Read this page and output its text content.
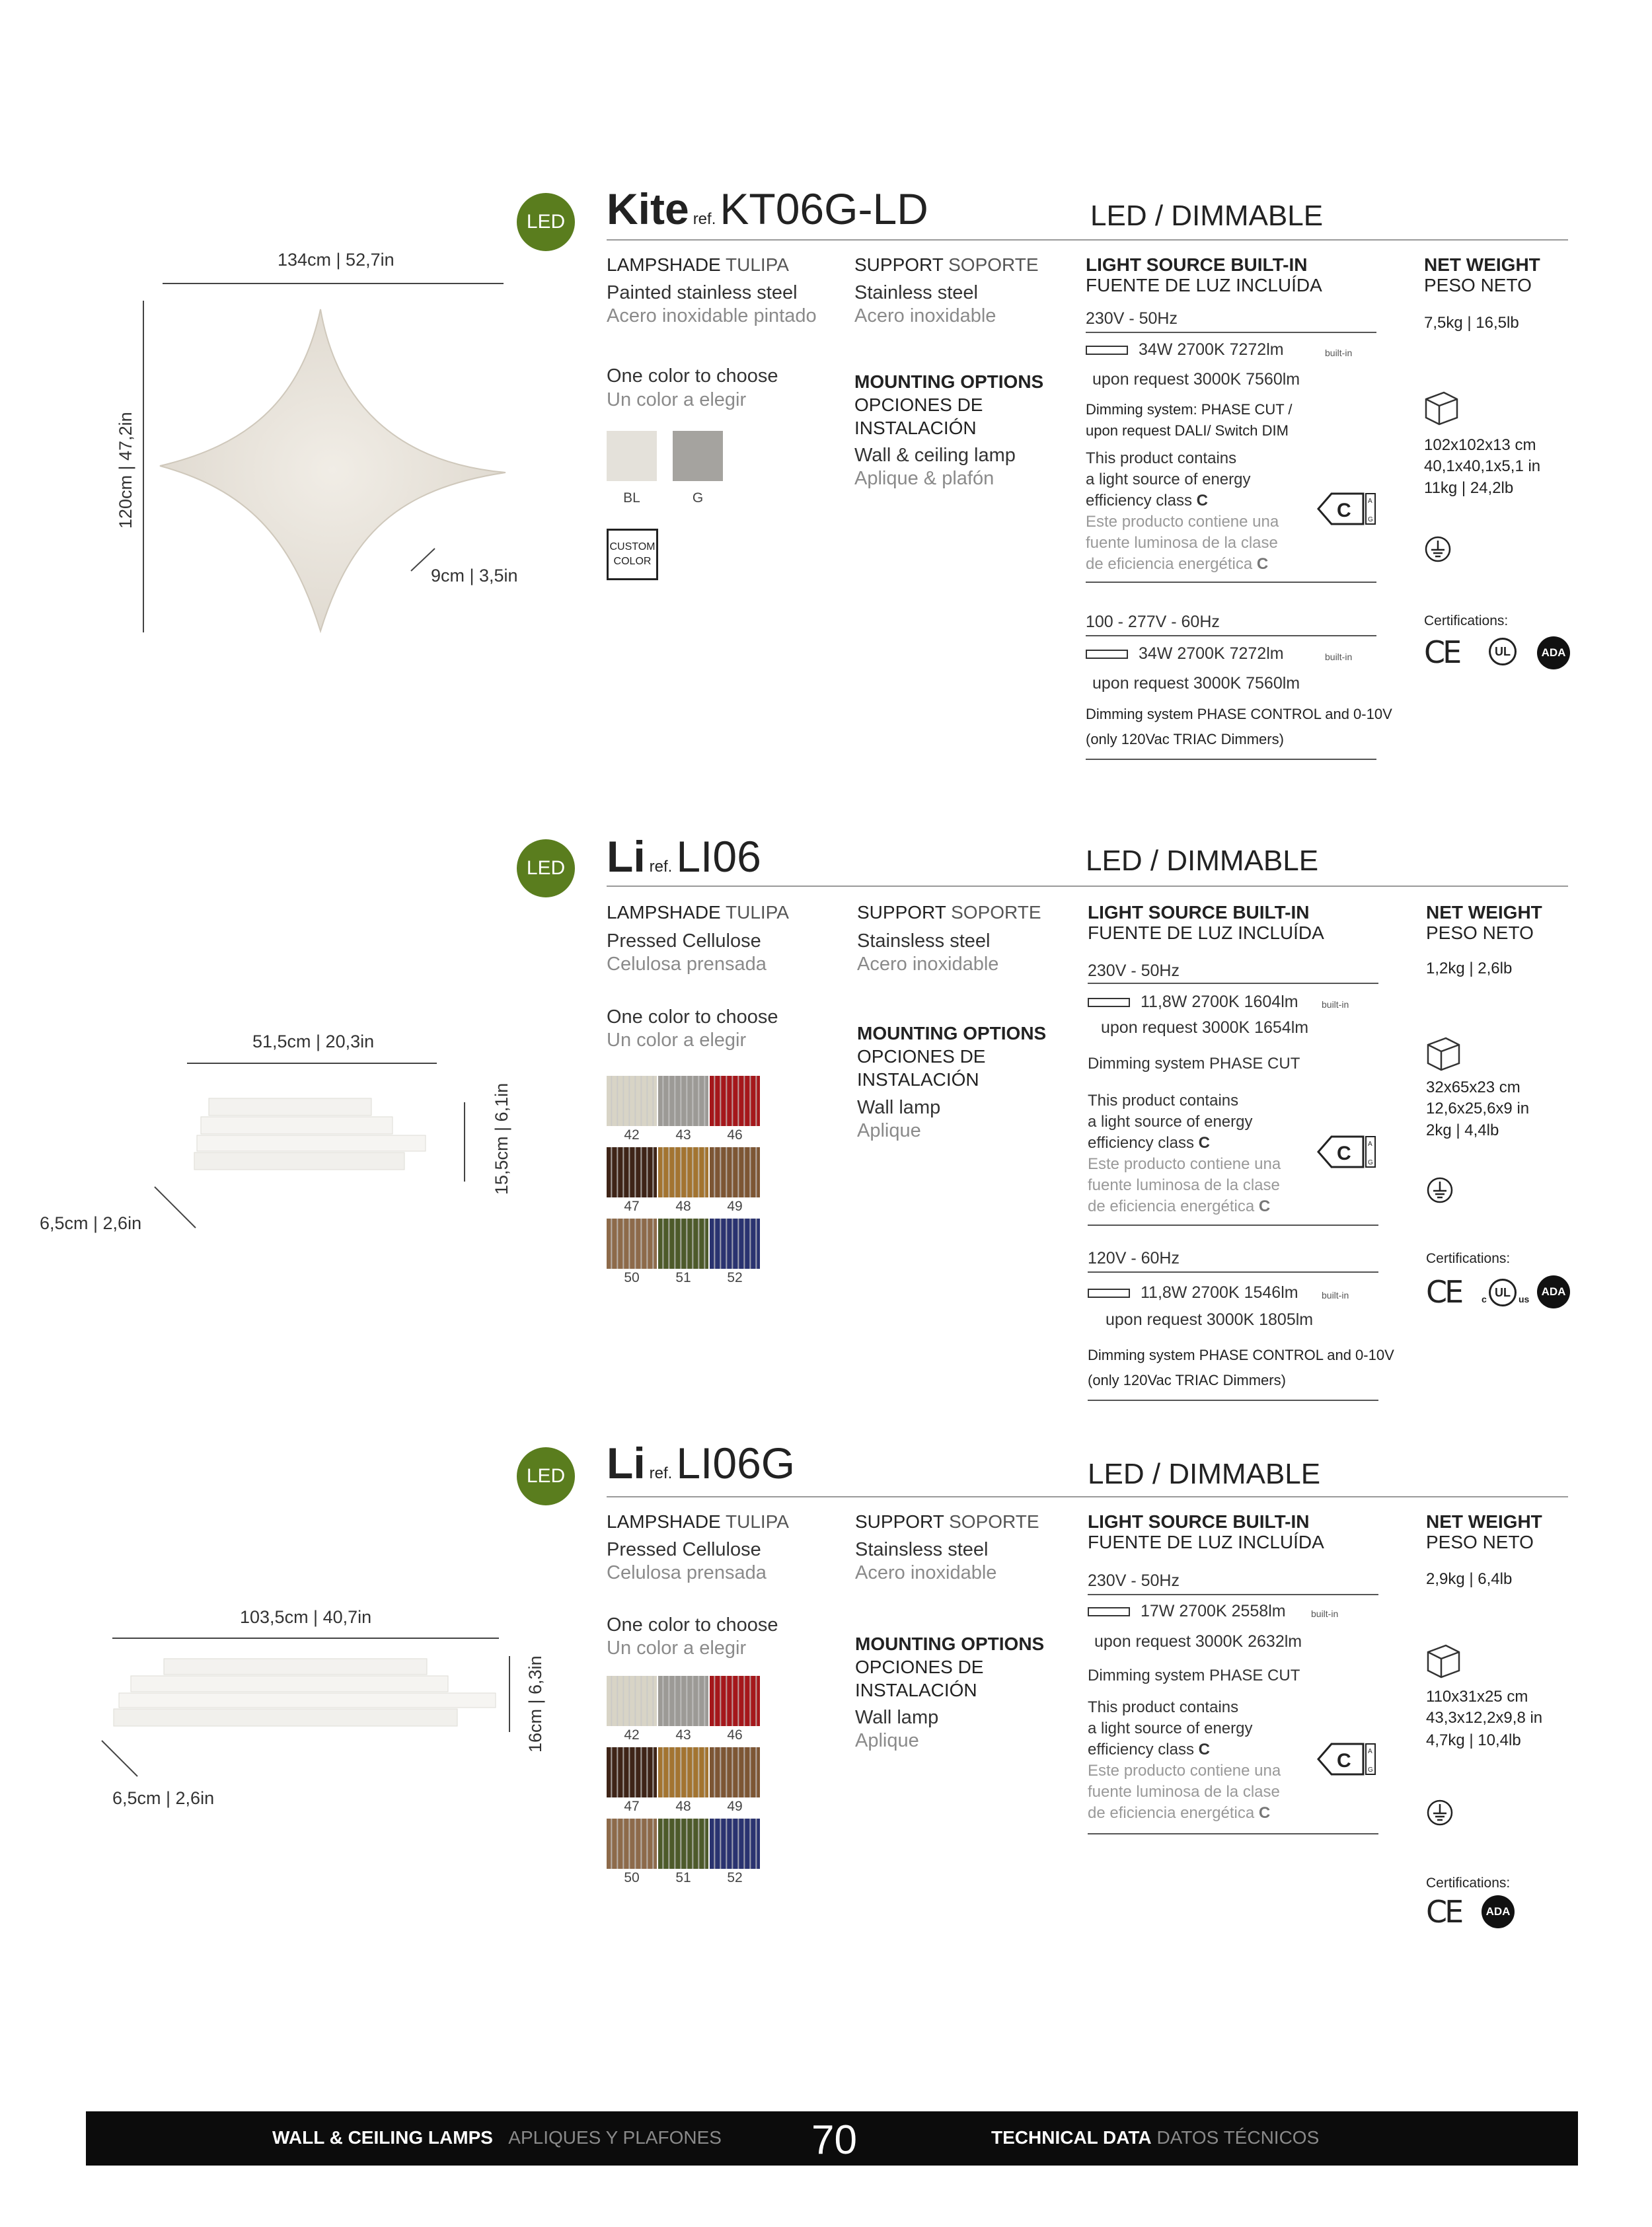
134cm | 52,7in
120cm | 47,2in
9cm | 3,5in
LED Kite ref.KT06G-LD	LED / DIMMABLE
LAMPSHADE TULIPA
Painted stainless steel
Acero inoxidable pintado
One color to choose
Un color a elegir
BL	G
CUSTOM
COLOR
SUPPORT SOPORTE
Stainless steel
Acero inoxidable
MOUNTING OPTIONS
OPCIONES DE
INSTALACIÓN
Wall & ceiling lamp
Aplique & plafón
LIGHT SOURCE BUILT-IN
FUENTE DE LUZ INCLUÍDA
230V - 50Hz
34W 2700K 7272lm	built-in
upon request 3000K 7560lm
Dimming system: PHASE CUT /
upon request DALI/ Switch DIM
This product contains
a light source of energy
efficiency class C
Este producto contiene una
fuente luminosa de la clase
de eficiencia energética C
C	A
G
100 - 277V - 60Hz
34W 2700K 7272lm	built-in
upon request 3000K 7560lm
Dimming system PHASE CONTROL and 0-10V
(only 120Vac TRIAC Dimmers)
NET WEIGHT
PESO NETO
7,5kg | 16,5lb
102x102x13 cm
40,1x40,1x5,1 in
11kg | 24,2lb
Certifications:
CE	UL	ADA
51,5cm | 20,3in
15,5cm | 6,1in
6,5cm | 2,6in
LED Li ref.LI06	LED / DIMMABLE
LAMPSHADE TULIPA
Pressed Cellulose
Celulosa prensada
One color to choose
Un color a elegir
42	43	46
47	48	49
50	51	52
SUPPORT SOPORTE
Stainsless steel
Acero inoxidable
MOUNTING OPTIONS
OPCIONES DE
INSTALACIÓN
Wall lamp
Aplique
LIGHT SOURCE BUILT-IN
FUENTE DE LUZ INCLUÍDA
230V - 50Hz
11,8W 2700K 1604lm	built-in
upon request 3000K 1654lm
Dimming system PHASE CUT
This product contains
a light source of energy
efficiency class C
Este producto contiene una
fuente luminosa de la clase
de eficiencia energética C
C	A
G
120V - 60Hz
11,8W 2700K 1546lm	built-in
upon request 3000K 1805lm
Dimming system PHASE CONTROL and 0-10V
(only 120Vac TRIAC Dimmers)
NET WEIGHT
PESO NETO
1,2kg | 2,6lb
32x65x23 cm
12,6x25,6x9 in
2kg | 4,4lb
Certifications:
CE c UL us
ADA
103,5cm | 40,7in
16cm | 6,3in
6,5cm | 2,6in
LED Li ref.LI06G	LED / DIMMABLE
LAMPSHADE TULIPA
Pressed Cellulose
Celulosa prensada
One color to choose
Un color a elegir
42	43	46
47	48	49
50	51	52
SUPPORT SOPORTE
Stainsless steel
Acero inoxidable
MOUNTING OPTIONS
OPCIONES DE
INSTALACIÓN
Wall lamp
Aplique
LIGHT SOURCE BUILT-IN
FUENTE DE LUZ INCLUÍDA
230V - 50Hz
17W 2700K 2558lm	built-in
upon request 3000K 2632lm
Dimming system PHASE CUT
This product contains
a light source of energy
efficiency class C
Este producto contiene una
fuente luminosa de la clase
de eficiencia energética C
C	A
G
NET WEIGHT
PESO NETO
2,9kg | 6,4lb
110x31x25 cm
43,3x12,2x9,8 in
4,7kg | 10,4lb
Certifications:
CE	ADA
WALL & CEILING LAMPS APLIQUES Y PLAFONES 70	TECHNICAL DATA DATOS TÉCNICOS
